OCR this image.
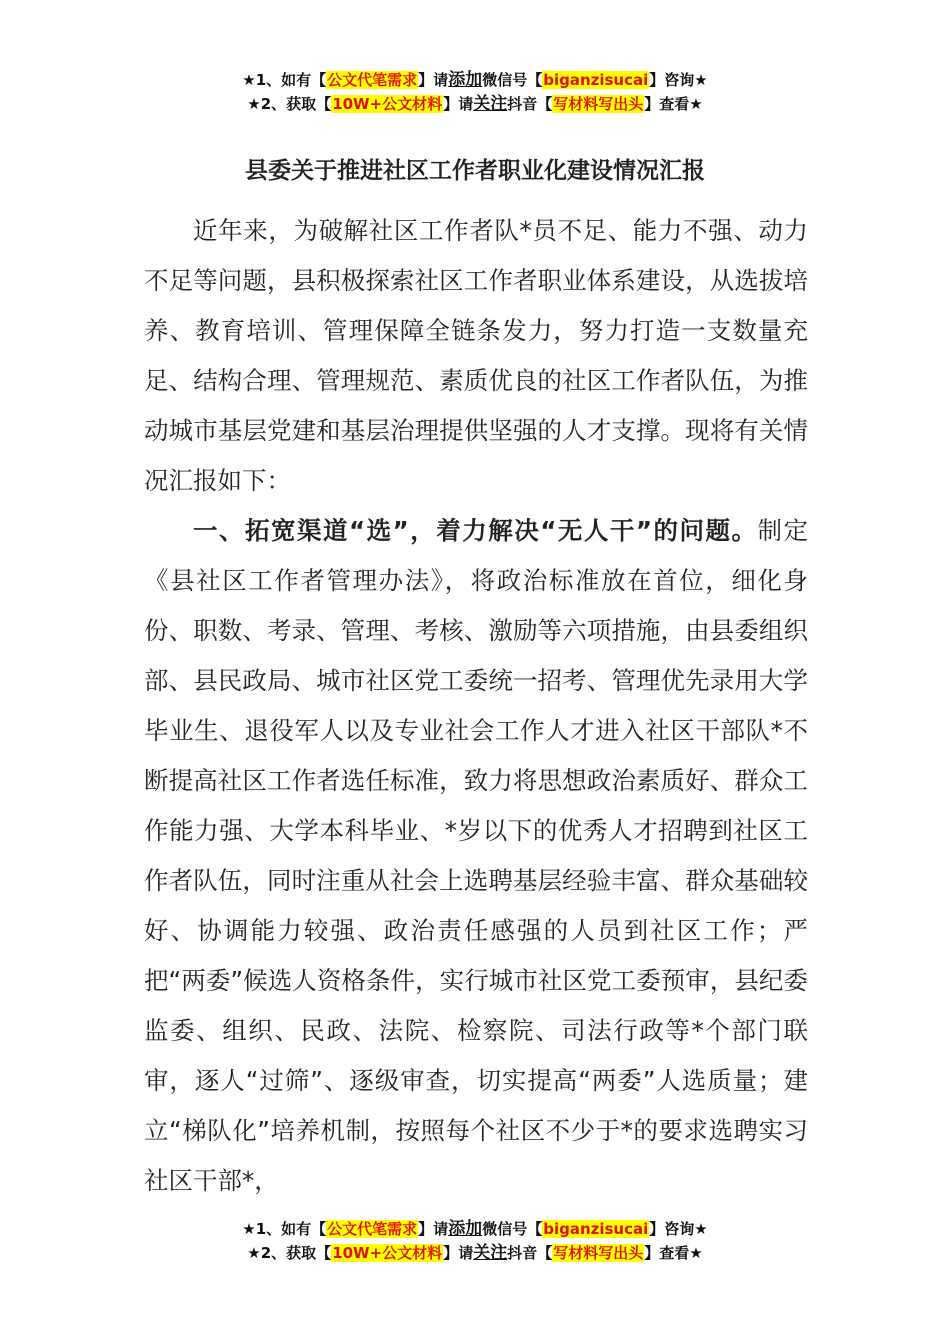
★1、如有【公文代笔需求】请添加微信号【biganzisucai】咨询★
★2、获取【10W+公文材料】请关注抖音【写材料写出头】查看★
县委关于推进社区工作者职业化建设情况汇报

近年来，为破解社区工作者队*员不足、能力不强、动力不足等问题，县积极探索社区工作者职业体系建设，从选拔培养、教育培训、管理保障全链条发力，努力打造一支数量充足、结构合理、管理规范、素质优良的社区工作者队伍，为推动城市基层党建和基层治理提供坚强的人才支撑。现将有关情况汇报如下：

一、拓宽渠道“选”，着力解决“无人干”的问题。制定《县社区工作者管理办法》，将政治标准放在首位，细化身份、职数、考录、管理、考核、激励等六项措施，由县委组织部、县民政局、城市社区党工委统一招考、管理优先录用大学毕业生、退役军人以及专业社会工作人才进入社区干部队*不断提高社区工作者选任标准，致力将思想政治素质好、群众工作能力强、大学本科毕业、*岁以下的优秀人才招聘到社区工作者队伍，同时注重从社会上选聘基层经验丰富、群众基础较好、协调能力较强、政治责任感强的人员到社区工作；严把“两委”候选人资格条件，实行城市社区党工委预审，县纪委监委、组织、民政、法院、检察院、司法行政等*个部门联审，逐人“过筛”、逐级审查，切实提高“两委”人选质量；建立“梯队化”培养机制，按照每个社区不少于*的要求选聘实习社区干部*，

★1、如有【公文代笔需求】请添加微信号【biganzisucai】咨询★
★2、获取【10W+公文材料】请关注抖音【写材料写出头】查看★
